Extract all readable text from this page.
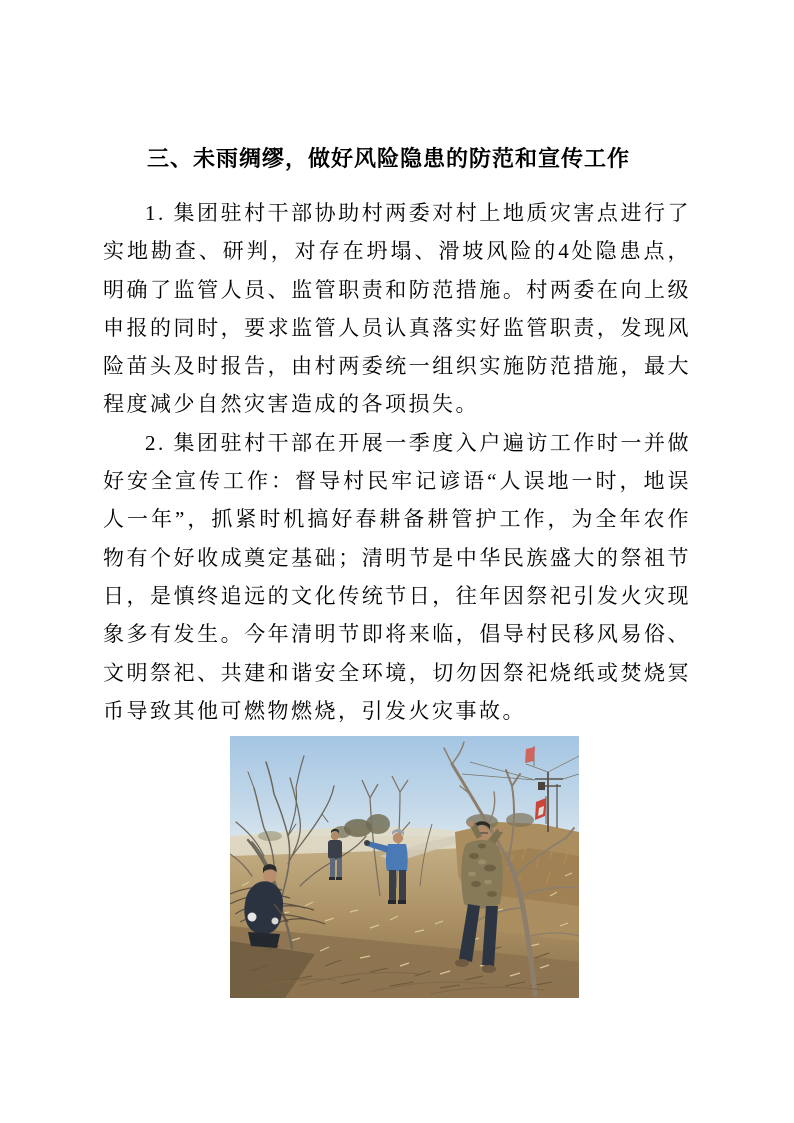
三、未雨绸缪，做好风险隐患的防范和宣传工作

1. 集团驻村干部协助村两委对村上地质灾害点进行了实地勘查、研判，对存在坍塌、滑坡风险的4处隐患点，明确了监管人员、监管职责和防范措施。村两委在向上级申报的同时，要求监管人员认真落实好监管职责，发现风险苗头及时报告，由村两委统一组织实施防范措施，最大程度减少自然灾害造成的各项损失。

2. 集团驻村干部在开展一季度入户遍访工作时一并做好安全宣传工作：督导村民牢记谚语“人误地一时，地误人一年”，抓紧时机搞好春耕备耕管护工作，为全年农作物有个好收成奠定基础；清明节是中华民族盛大的祭祖节日，是慎终追远的文化传统节日，往年因祭祀引发火灾现象多有发生。今年清明节即将来临，倡导村民移风易俗、文明祭祀、共建和谐安全环境，切勿因祭祀烧纸或焚烧冥币导致其他可燃物燃烧，引发火灾事故。
